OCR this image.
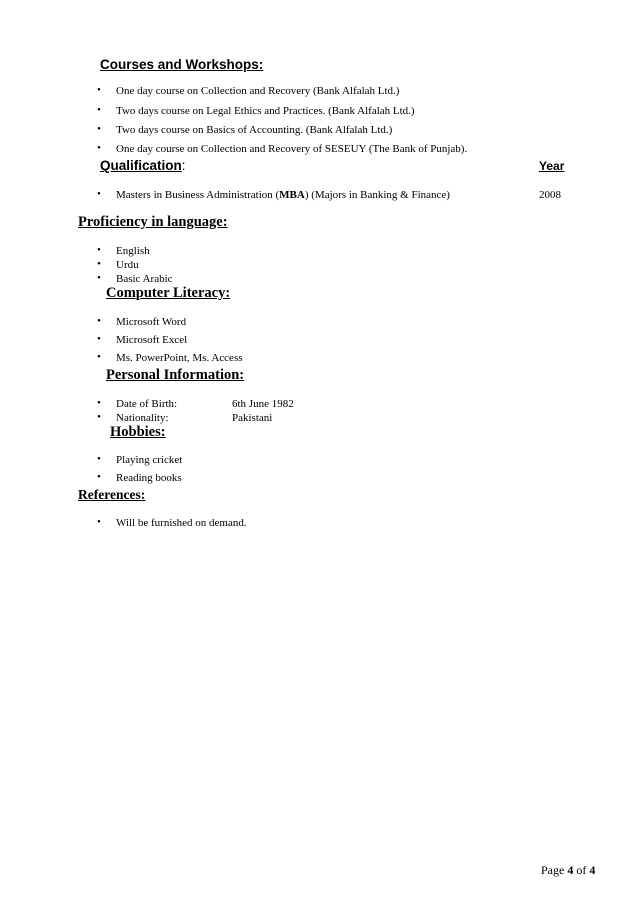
Courses and Workshops:
• One day course on Collection and Recovery (Bank Alfalah Ltd.)
• Two days course on Legal Ethics and Practices. (Bank Alfalah Ltd.)
• Two days course on Basics of Accounting. (Bank Alfalah Ltd.)
• One day course on Collection and Recovery of SESEUY (The Bank of Punjab).
Qualification:	Year
• Masters in Business Administration (MBA) (Majors in Banking & Finance)	2008
Proficiency in language:
• English
• Urdu
• Basic Arabic
Computer Literacy:
• Microsoft Word
• Microsoft Excel
• Ms. PowerPoint, Ms. Access
Personal Information:
• Date of Birth:	6th June 1982
• Nationality:	Pakistani
Hobbies:
• Playing cricket
• Reading books
References:
• Will be furnished on demand.
Page 4 of 4
